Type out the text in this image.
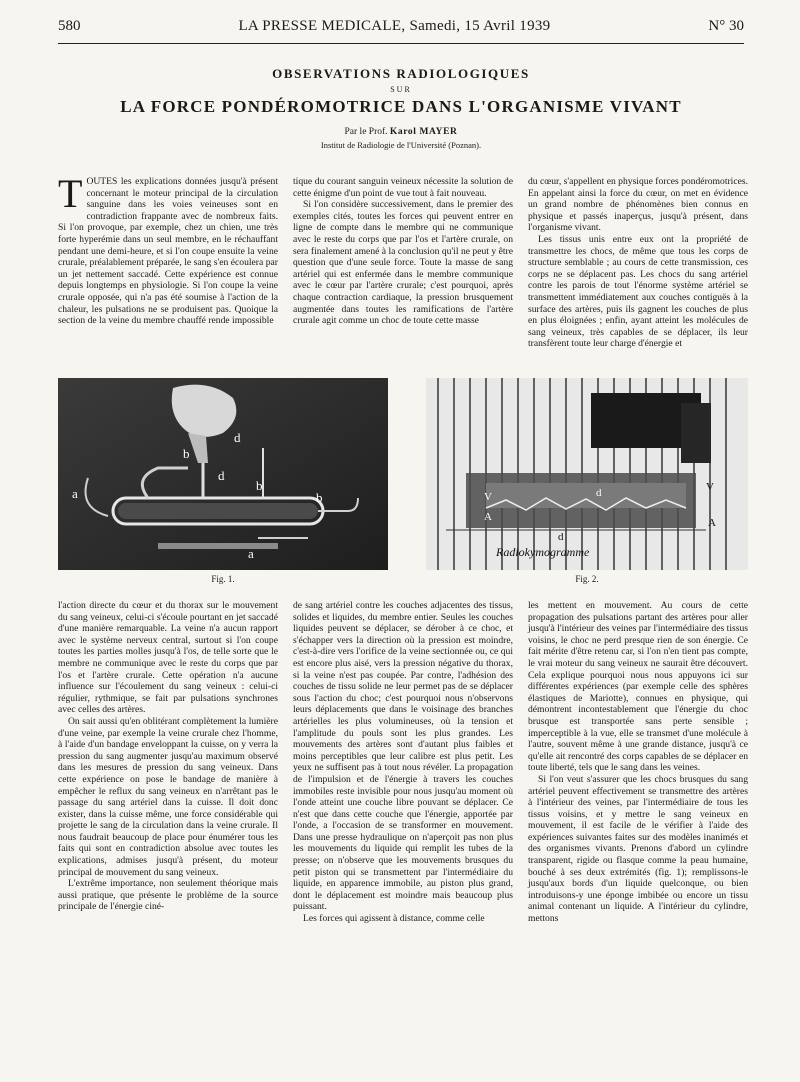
580	LA PRESSE MEDICALE, Samedi, 15 Avril 1939	N° 30
OBSERVATIONS RADIOLOGIQUES
SUR
LA FORCE PONDÉROMOTRICE DANS L'ORGANISME VIVANT
Par le Prof. Karol MAYER
Institut de Radiologie de l'Université (Poznan).

TOUTES les explications données jusqu'à présent concernant le moteur principal de la circulation sanguine dans les voies veineuses sont en contradiction frappante avec de nombreux faits. Si l'on provoque, par exemple, chez un chien, une très forte hyperémie dans un seul membre, en le réchauffant pendant une demi-heure, et si l'on coupe ensuite la veine crurale, préalablement préparée, le sang s'en écoulera par un jet nettement saccadé. Cette expérience est connue depuis longtemps en physiologie. Si l'on coupe la veine crurale opposée, qui n'a pas été soumise à l'action de la chaleur, les pulsations ne se produisent pas. Quoique la section de la veine du membre chauffé rende impossible

tique du courant sanguin veineux nécessite la solution de cette énigme d'un point de vue tout à fait nouveau.

Si l'on considère successivement, dans le premier des exemples cités, toutes les forces qui peuvent entrer en ligne de compte dans le membre qui ne communique avec le reste du corps que par l'os et l'artère crurale, on sera finalement amené à la conclusion qu'il ne peut y être question que d'une seule force. Toute la masse de sang artériel qui est enfermée dans le membre communique avec le cœur par l'artère crurale; c'est pourquoi, après chaque contraction cardiaque, la pression brusquement augmentée dans toutes les ramifications de l'artère crurale agit comme un choc de toute cette masse

du cœur, s'appellent en physique forces pondéromotrices. En appelant ainsi la force du cœur, on met en évidence un grand nombre de phénomènes bien connus en physique et passés inaperçus, jusqu'à présent, dans l'organisme vivant.

Les tissus unis entre eux ont la propriété de transmettre les chocs, de même que tous les corps de structure semblable ; au cours de cette transmission, ces corps ne se déplacent pas. Les chocs du sang artériel contre les parois de tout l'énorme système artériel se transmettent immédiatement aux couches contiguës à la surface des artères, puis ils gagnent les couches de plus en plus éloignées ; enfin, ayant atteint les molécules de sang veineux, très capables de se déplacer, ils leur transfèrent toute leur charge d'énergie et

b
d
d
b
b
a
a
Fig. 1.
V
V
A	A
d
d
Radiokymogramme
Fig. 2.

l'action directe du cœur et du thorax sur le mouvement du sang veineux, celui-ci s'écoule pourtant en jet saccadé d'une manière remarquable. La veine n'a aucun rapport avec le système nerveux central, surtout si l'on coupe toutes les parties molles jusqu'à l'os, de telle sorte que le membre ne communique avec le reste du corps que par l'os et l'artère crurale. Cette opération n'a aucune influence sur l'écoulement du sang veineux : celui-ci régulier, rythmique, se fait par pulsations synchrones avec celles des artères.

On sait aussi qu'en oblitérant complètement la lumière d'une veine, par exemple la veine crurale chez l'homme, à l'aide d'un bandage enveloppant la cuisse, on y verra la pression du sang augmenter jusqu'au maximum observé dans les mesures de pression du sang veineux. Dans cette expérience on pose le bandage de manière à empêcher le reflux du sang veineux en n'arrêtant pas le passage du sang artériel dans la cuisse. Il doit donc exister, dans la cuisse même, une force considérable qui projette le sang de la circulation dans la veine crurale. Il nous faudrait beaucoup de place pour énumérer tous les faits qui sont en contradiction absolue avec toutes les explications, admises jusqu'à présent, du moteur principal de mouvement du sang veineux.

L'extrême importance, non seulement théorique mais aussi pratique, que présente le problème de la source principale de l'énergie ciné-

de sang artériel contre les couches adjacentes des tissus, solides et liquides, du membre entier. Seules les couches liquides peuvent se déplacer, se dérober à ce choc, et s'échapper vers la direction où la pression est moindre, c'est-à-dire vers l'orifice de la veine sectionnée ou, ce qui est encore plus aisé, vers la pression négative du thorax, si la veine n'est pas coupée. Par contre, l'adhésion des couches de tissu solide ne leur permet pas de se déplacer sous l'action du choc; c'est pourquoi nous n'observons leurs déplacements que dans le voisinage des branches artérielles les plus volumineuses, où la tension et l'amplitude du pouls sont les plus grandes. Les mouvements des artères sont d'autant plus faibles et moins perceptibles que leur calibre est plus petit. Les yeux ne suffisent pas à tout nous révéler. La propagation de l'impulsion et de l'énergie à travers les couches immobiles reste invisible pour nous jusqu'au moment où l'onde atteint une couche libre pouvant se déplacer. Ce n'est que dans cette couche que l'énergie, apportée par l'onde, a l'occasion de se transformer en mouvement. Dans une presse hydraulique on n'aperçoit pas non plus les mouvements du liquide qui remplit les tubes de la presse; on n'observe que les mouvements brusques du petit piston qui se transmettent par l'intermédiaire du liquide, en apparence immobile, au piston plus grand, dont le déplacement est moindre mais beaucoup plus puissant.

Les forces qui agissent à distance, comme celle

les mettent en mouvement. Au cours de cette propagation des pulsations partant des artères pour aller jusqu'à l'intérieur des veines par l'intermédiaire des tissus voisins, le choc ne perd presque rien de son énergie. Ce fait mérite d'être retenu car, si l'on n'en tient pas compte, le vrai moteur du sang veineux ne saurait être découvert. Cela explique pourquoi nous nous appuyons ici sur différentes expériences (par exemple celle des sphères élastiques de Mariotte), connues en physique, qui démontrent incontestablement que l'énergie du choc brusque est transportée sans perte sensible ; imperceptible à la vue, elle se transmet d'une molécule à l'autre, souvent même à une grande distance, jusqu'à ce qu'elle ait rencontré des corps capables de se déplacer en toute liberté, tels que le sang dans les veines.

Si l'on veut s'assurer que les chocs brusques du sang artériel peuvent effectivement se transmettre des artères à l'intérieur des veines, par l'intermédiaire de tous les tissus voisins, et y mettre le sang veineux en mouvement, il est facile de le vérifier à l'aide des expériences suivantes faites sur des modèles inanimés et des organismes vivants. Prenons d'abord un cylindre transparent, rigide ou flasque comme la peau humaine, bouché à ses deux extrémités (fig. 1); remplissons-le jusqu'aux bords d'un liquide quelconque, ou bien introduisons-y une éponge imbibée ou encore un tissu animal contenant un liquide. A l'intérieur du cylindre, mettons
